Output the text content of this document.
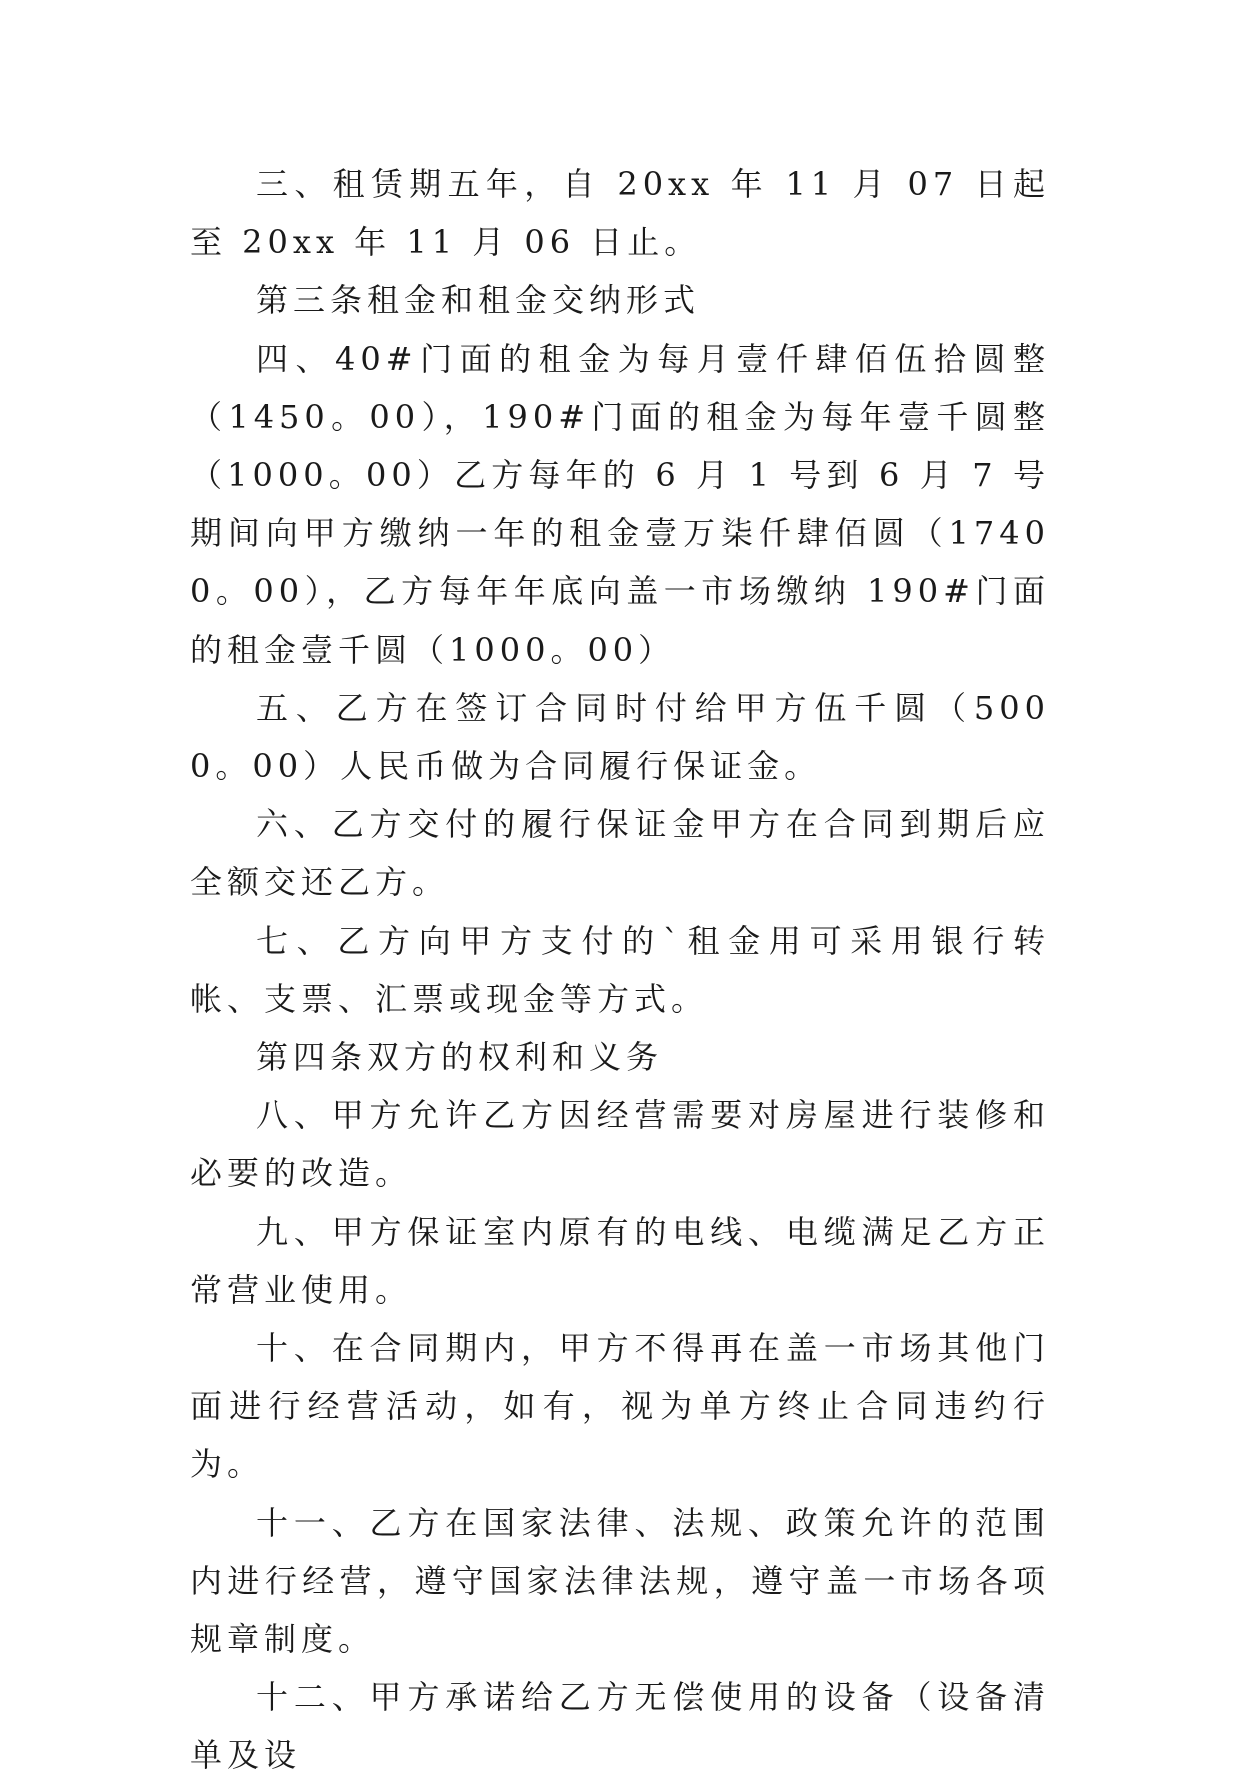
三、租赁期五年，自 20xx 年 11 月 07 日起至 20xx 年 11 月 06 日止。

第三条租金和租金交纳形式

四、40#门面的租金为每月壹仟肆佰伍拾圆整（1450。00），190#门面的租金为每年壹千圆整（1000。00）乙方每年的 6 月 1 号到 6 月 7 号期间向甲方缴纳一年的租金壹万柒仟肆佰圆（17400。00），乙方每年年底向盖一市场缴纳 190#门面的租金壹千圆（1000。00）

五、乙方在签订合同时付给甲方伍千圆（5000。00）人民币做为合同履行保证金。

六、乙方交付的履行保证金甲方在合同到期后应全额交还乙方。

七、乙方向甲方支付的`租金用可采用银行转帐、支票、汇票或现金等方式。

第四条双方的权利和义务

八、甲方允许乙方因经营需要对房屋进行装修和必要的改造。

九、甲方保证室内原有的电线、电缆满足乙方正常营业使用。

十、在合同期内，甲方不得再在盖一市场其他门面进行经营活动，如有，视为单方终止合同违约行为。

十一、乙方在国家法律、法规、政策允许的范围内进行经营，遵守国家法律法规，遵守盖一市场各项规章制度。

十二、甲方承诺给乙方无偿使用的设备（设备清单及设
